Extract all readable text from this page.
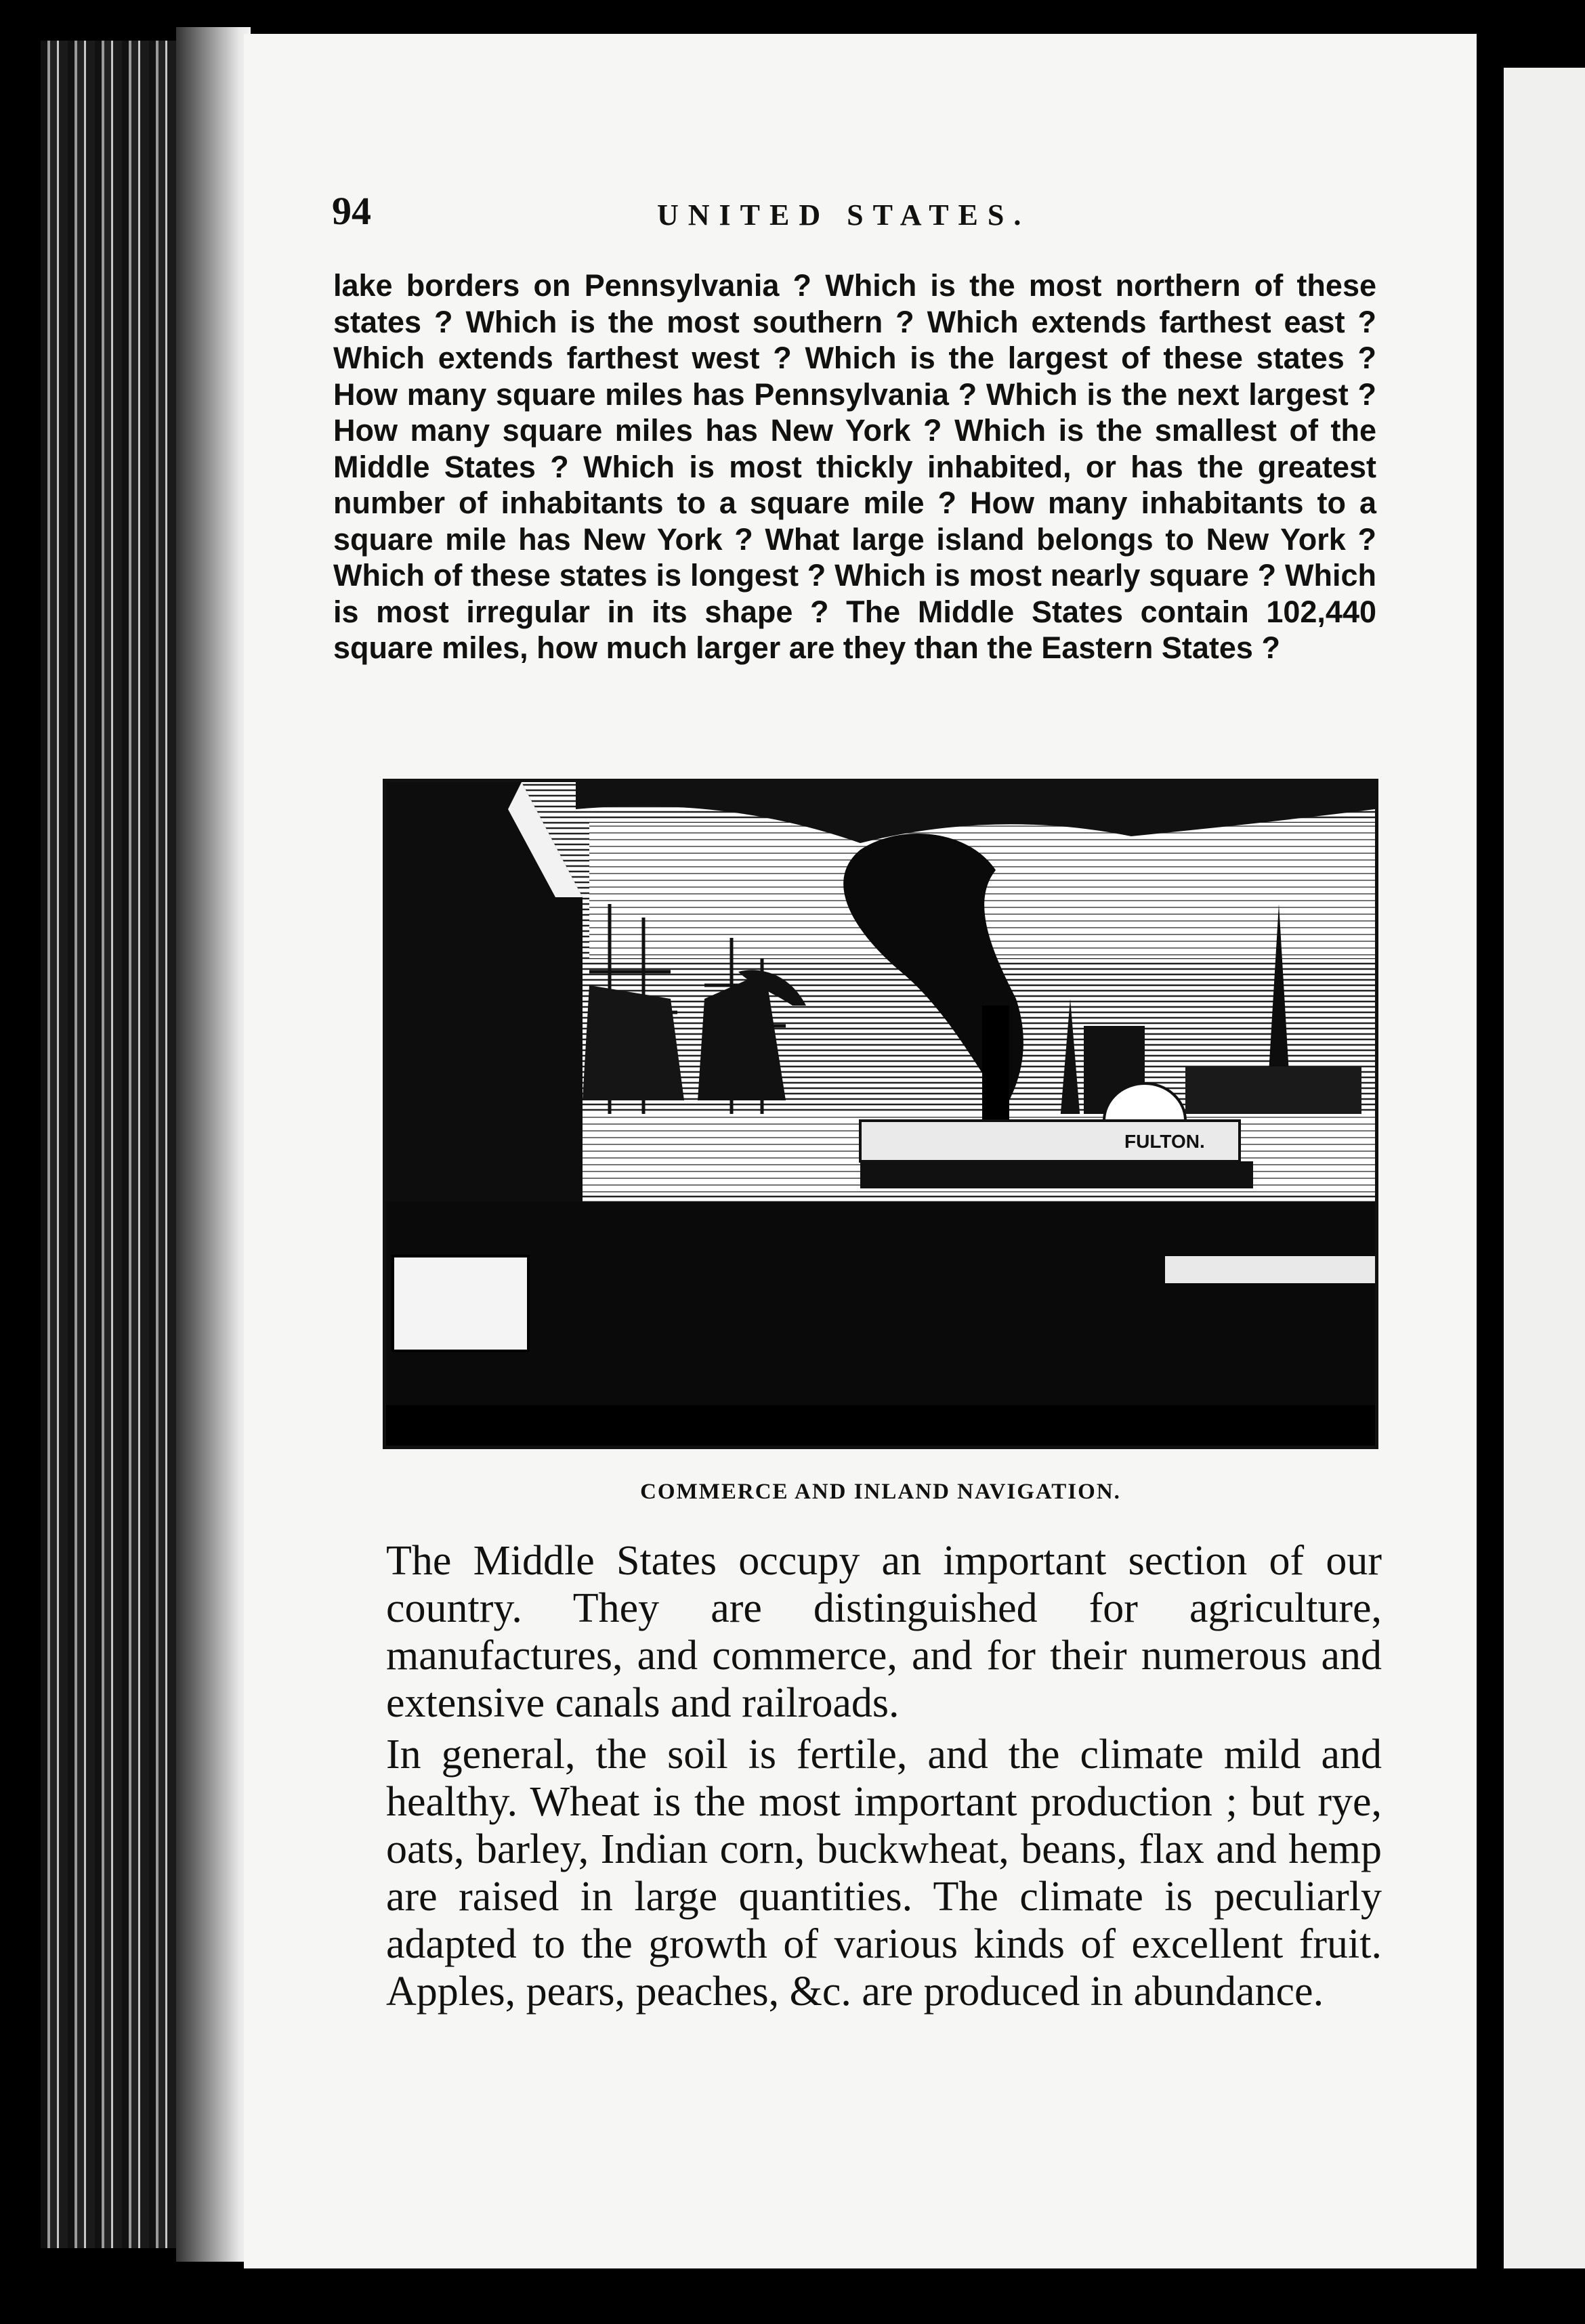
94	UNITED STATES.
lake borders on Pennsylvania ? Which is the most northern of these states ? Which is the most southern ? Which extends farthest east ? Which extends farthest west ? Which is the largest of these states ? How many square miles has Pennsylvania ? Which is the next largest ? How many square miles has New York ? Which is the smallest of the Middle States ? Which is most thickly inhabited, or has the greatest number of inhabitants to a square mile ? How many inhabitants to a square mile has New York ? What large island belongs to New York ? Which of these states is longest ? Which is most nearly square ? Which is most irregular in its shape ? The Middle States contain 102,440 square miles, how much larger are they than the Eastern States ?
FULTON.
COMMERCE AND INLAND NAVIGATION.

The Middle States occupy an important section of our country. They are distinguished for agriculture, manufactures, and commerce, and for their numerous and extensive canals and railroads.

In general, the soil is fertile, and the climate mild and healthy. Wheat is the most important production ; but rye, oats, barley, Indian corn, buckwheat, beans, flax and hemp are raised in large quantities. The climate is peculiarly adapted to the growth of various kinds of excellent fruit. Apples, pears, peaches, &c. are produced in abundance.
